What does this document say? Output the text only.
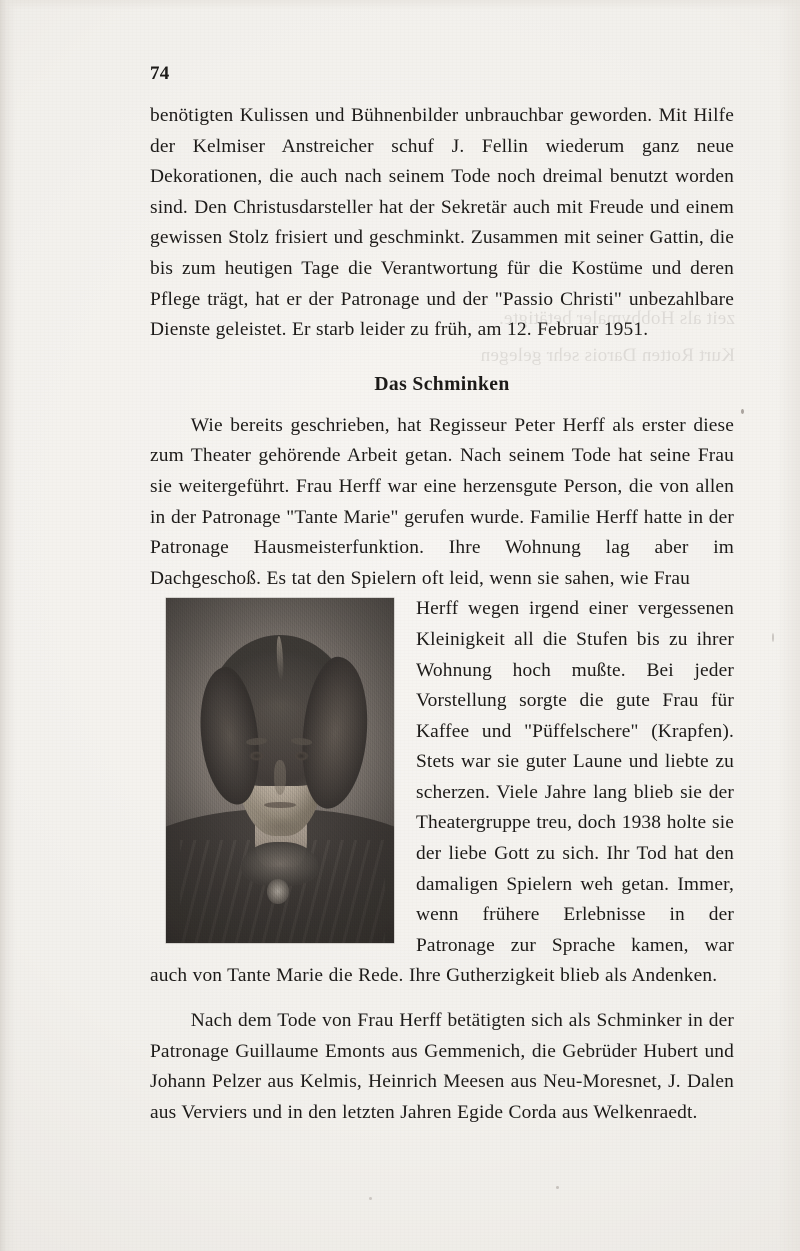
74

benötigten Kulissen und Bühnenbilder unbrauchbar geworden. Mit Hilfe der Kelmiser Anstreicher schuf J. Fellin wiederum ganz neue Dekorationen, die auch nach seinem Tode noch dreimal benutzt worden sind. Den Christusdarsteller hat der Sekretär auch mit Freude und einem gewissen Stolz frisiert und geschminkt. Zusammen mit seiner Gattin, die bis zum heutigen Tage die Verantwortung für die Kostüme und deren Pflege trägt, hat er der Patronage und der "Passio Christi" unbezahlbare Dienste geleistet. Er starb leider zu früh, am 12. Februar 1951.

Das Schminken

Wie bereits geschrieben, hat Regisseur Peter Herff als erster diese zum Theater gehörende Arbeit getan. Nach seinem Tode hat seine Frau sie weitergeführt. Frau Herff war eine herzensgute Person, die von allen in der Patronage "Tante Marie" gerufen wurde. Familie Herff hatte in der Patronage Hausmeisterfunktion. Ihre Wohnung lag aber im Dachgeschoß. Es tat den Spielern oft leid, wenn sie sahen, wie Frau

Herff wegen irgend einer vergessenen Kleinigkeit all die Stufen bis zu ihrer Wohnung hoch mußte. Bei jeder Vorstellung sorgte die gute Frau für Kaffee und "Püffelschere" (Krapfen). Stets war sie guter Laune und liebte zu scherzen. Viele Jahre lang blieb sie der Theatergruppe treu, doch 1938 holte sie der liebe Gott zu sich. Ihr Tod hat den damaligen Spielern weh getan. Immer, wenn frühere Erlebnisse in der Patronage zur Sprache kamen, war auch von Tante Marie die Rede. Ihre Gutherzigkeit blieb als Andenken.

Nach dem Tode von Frau Herff betätigten sich als Schminker in der Patronage Guillaume Emonts aus Gemmenich, die Gebrüder Hubert und Johann Pelzer aus Kelmis, Heinrich Meesen aus Neu-Moresnet, J. Dalen aus Verviers und in den letzten Jahren Egide Corda aus Welkenraedt.
